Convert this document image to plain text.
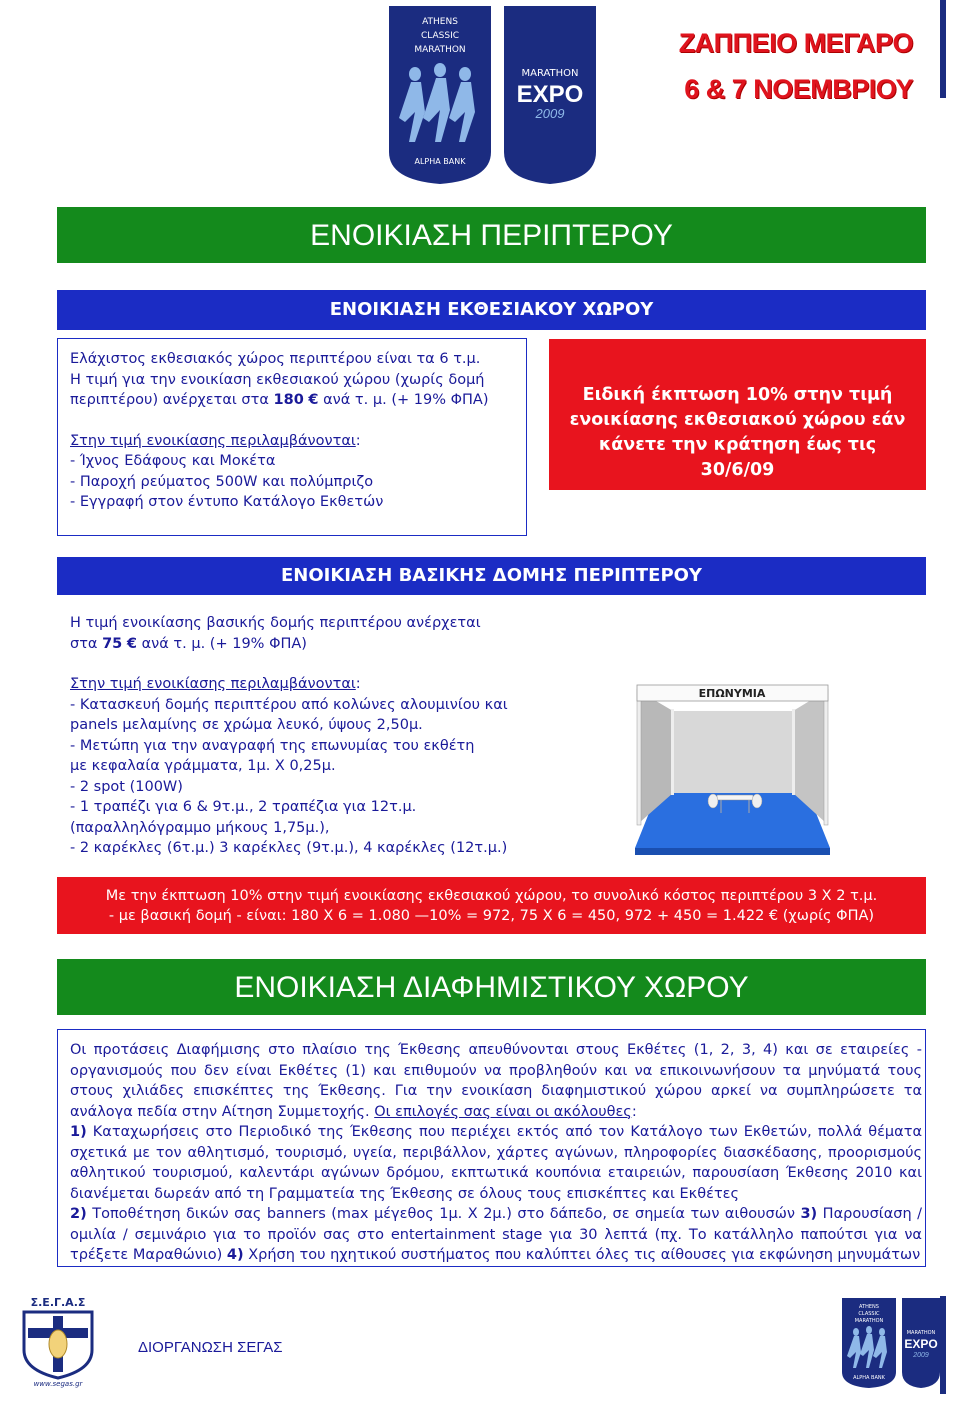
ATHENS
CLASSIC
MARATHON
ALPHA BANK
MARATHON
EXPO
2009
ΖΑΠΠΕΙΟ ΜΕΓΑΡΟ
6 & 7 ΝΟΕΜΒΡΙΟΥ
ΕΝΟΙΚΙΑΣΗ ΠΕΡΙΠΤΕΡΟΥ
ΕΝΟΙΚΙΑΣΗ ΕΚΘΕΣΙΑΚΟΥ ΧΩΡΟΥ

Ελάχιστος εκθεσιακός χώρος περιπτέρου είναι τα 6 τ.μ.

Η τιμή για την ενοικίαση εκθεσιακού χώρου (χωρίς δομή

περιπτέρου) ανέρχεται στα 180 € ανά τ. μ. (+ 19% ΦΠΑ)

Στην τιμή ενοικίασης περιλαμβάνονται:

- Ίχνος Εδάφους και Μοκέτα

- Παροχή ρεύματος 500W και πολύμπριζο

- Εγγραφή στον έντυπο Κατάλογο Εκθετών

Ειδική έκπτωση 10% στην τιμή

ενοικίασης εκθεσιακού χώρου εάν

κάνετε την κράτηση έως τις

30/6/09

ΕΝΟΙΚΙΑΣΗ ΒΑΣΙΚΗΣ ΔΟΜΗΣ ΠΕΡΙΠΤΕΡΟΥ

Η τιμή ενοικίασης βασικής δομής περιπτέρου ανέρχεται

στα 75 € ανά τ. μ. (+ 19% ΦΠΑ)

Στην τιμή ενοικίασης περιλαμβάνονται:

- Κατασκευή δομής περιπτέρου από κολώνες αλουμινίου και

panels μελαμίνης σε χρώμα λευκό, ύψους 2,50μ.

- Μετώπη για την αναγραφή της επωνυμίας του εκθέτη

με κεφαλαία γράμματα, 1μ. Χ 0,25μ.

- 2 spot (100W)

- 1 τραπέζι για 6 & 9τ.μ., 2 τραπέζια για 12τ.μ.

(παραλληλόγραμμο μήκους 1,75μ.),

- 2 καρέκλες (6τ.μ.) 3 καρέκλες (9τ.μ.), 4 καρέκλες (12τ.μ.)

ΕΠΩΝΥΜΙΑ

Με την έκπτωση 10% στην τιμή ενοικίασης εκθεσιακού χώρου, το συνολικό κόστος περιπτέρου 3 Χ 2 τ.μ.

- με βασική δομή - είναι: 180 Χ 6 = 1.080 —10% = 972, 75 Χ 6 = 450, 972 + 450 = 1.422 € (χωρίς ΦΠΑ)

ΕΝΟΙΚΙΑΣΗ ΔΙΑΦΗΜΙΣΤΙΚΟΥ ΧΩΡΟΥ
Οι προτάσεις Διαφήμισης στο πλαίσιο της Έκθεσης απευθύνονται στους Εκθέτες (1, 2, 3, 4) και σε εταιρείες - οργανισμούς που δεν είναι Εκθέτες (1) και επιθυμούν να προβληθούν και να επικοινωνήσουν τα μηνύματά τους στους χιλιάδες επισκέπτες της Έκθεσης. Για την ενοικίαση διαφημιστικού χώρου αρκεί να συμπληρώσετε τα ανάλογα πεδία στην Αίτηση Συμμετοχής. Οι επιλογές σας είναι οι ακόλουθες:
1) Καταχωρήσεις στο Περιοδικό της Έκθεσης που περιέχει εκτός από τον Κατάλογο των Εκθετών, πολλά θέματα σχετικά με τον αθλητισμό, τουρισμό, υγεία, περιβάλλον, χάρτες αγώνων, πληροφορίες διασκέδασης, προορισμούς αθλητικού τουρισμού, καλεντάρι αγώνων δρόμου, εκπτωτικά κουπόνια εταιρειών, παρουσίαση Έκθεσης 2010 και διανέμεται δωρεάν από τη Γραμματεία της Έκθεσης σε όλους τους επισκέπτες και Εκθέτες
2) Τοποθέτηση δικών σας banners (max μέγεθος 1μ. Χ 2μ.) στο δάπεδο, σε σημεία των αιθουσών 3) Παρουσίαση / ομιλία / σεμινάριο για το προϊόν σας στο entertainment stage για 30 λεπτά (πχ. Το κατάλληλο παπούτσι για να τρέξετε Μαραθώνιο) 4) Χρήση του ηχητικού συστήματος που καλύπτει όλες τις αίθουσες για εκφώνηση μηνυμάτων
Σ.Ε.Γ.Α.Σ
www.segas.gr
ΔΙΟΡΓΑΝΩΣΗ ΣΕΓΑΣ
ATHENS
CLASSIC
MARATHON
ALPHA BANK
MARATHON
EXPO
2009
